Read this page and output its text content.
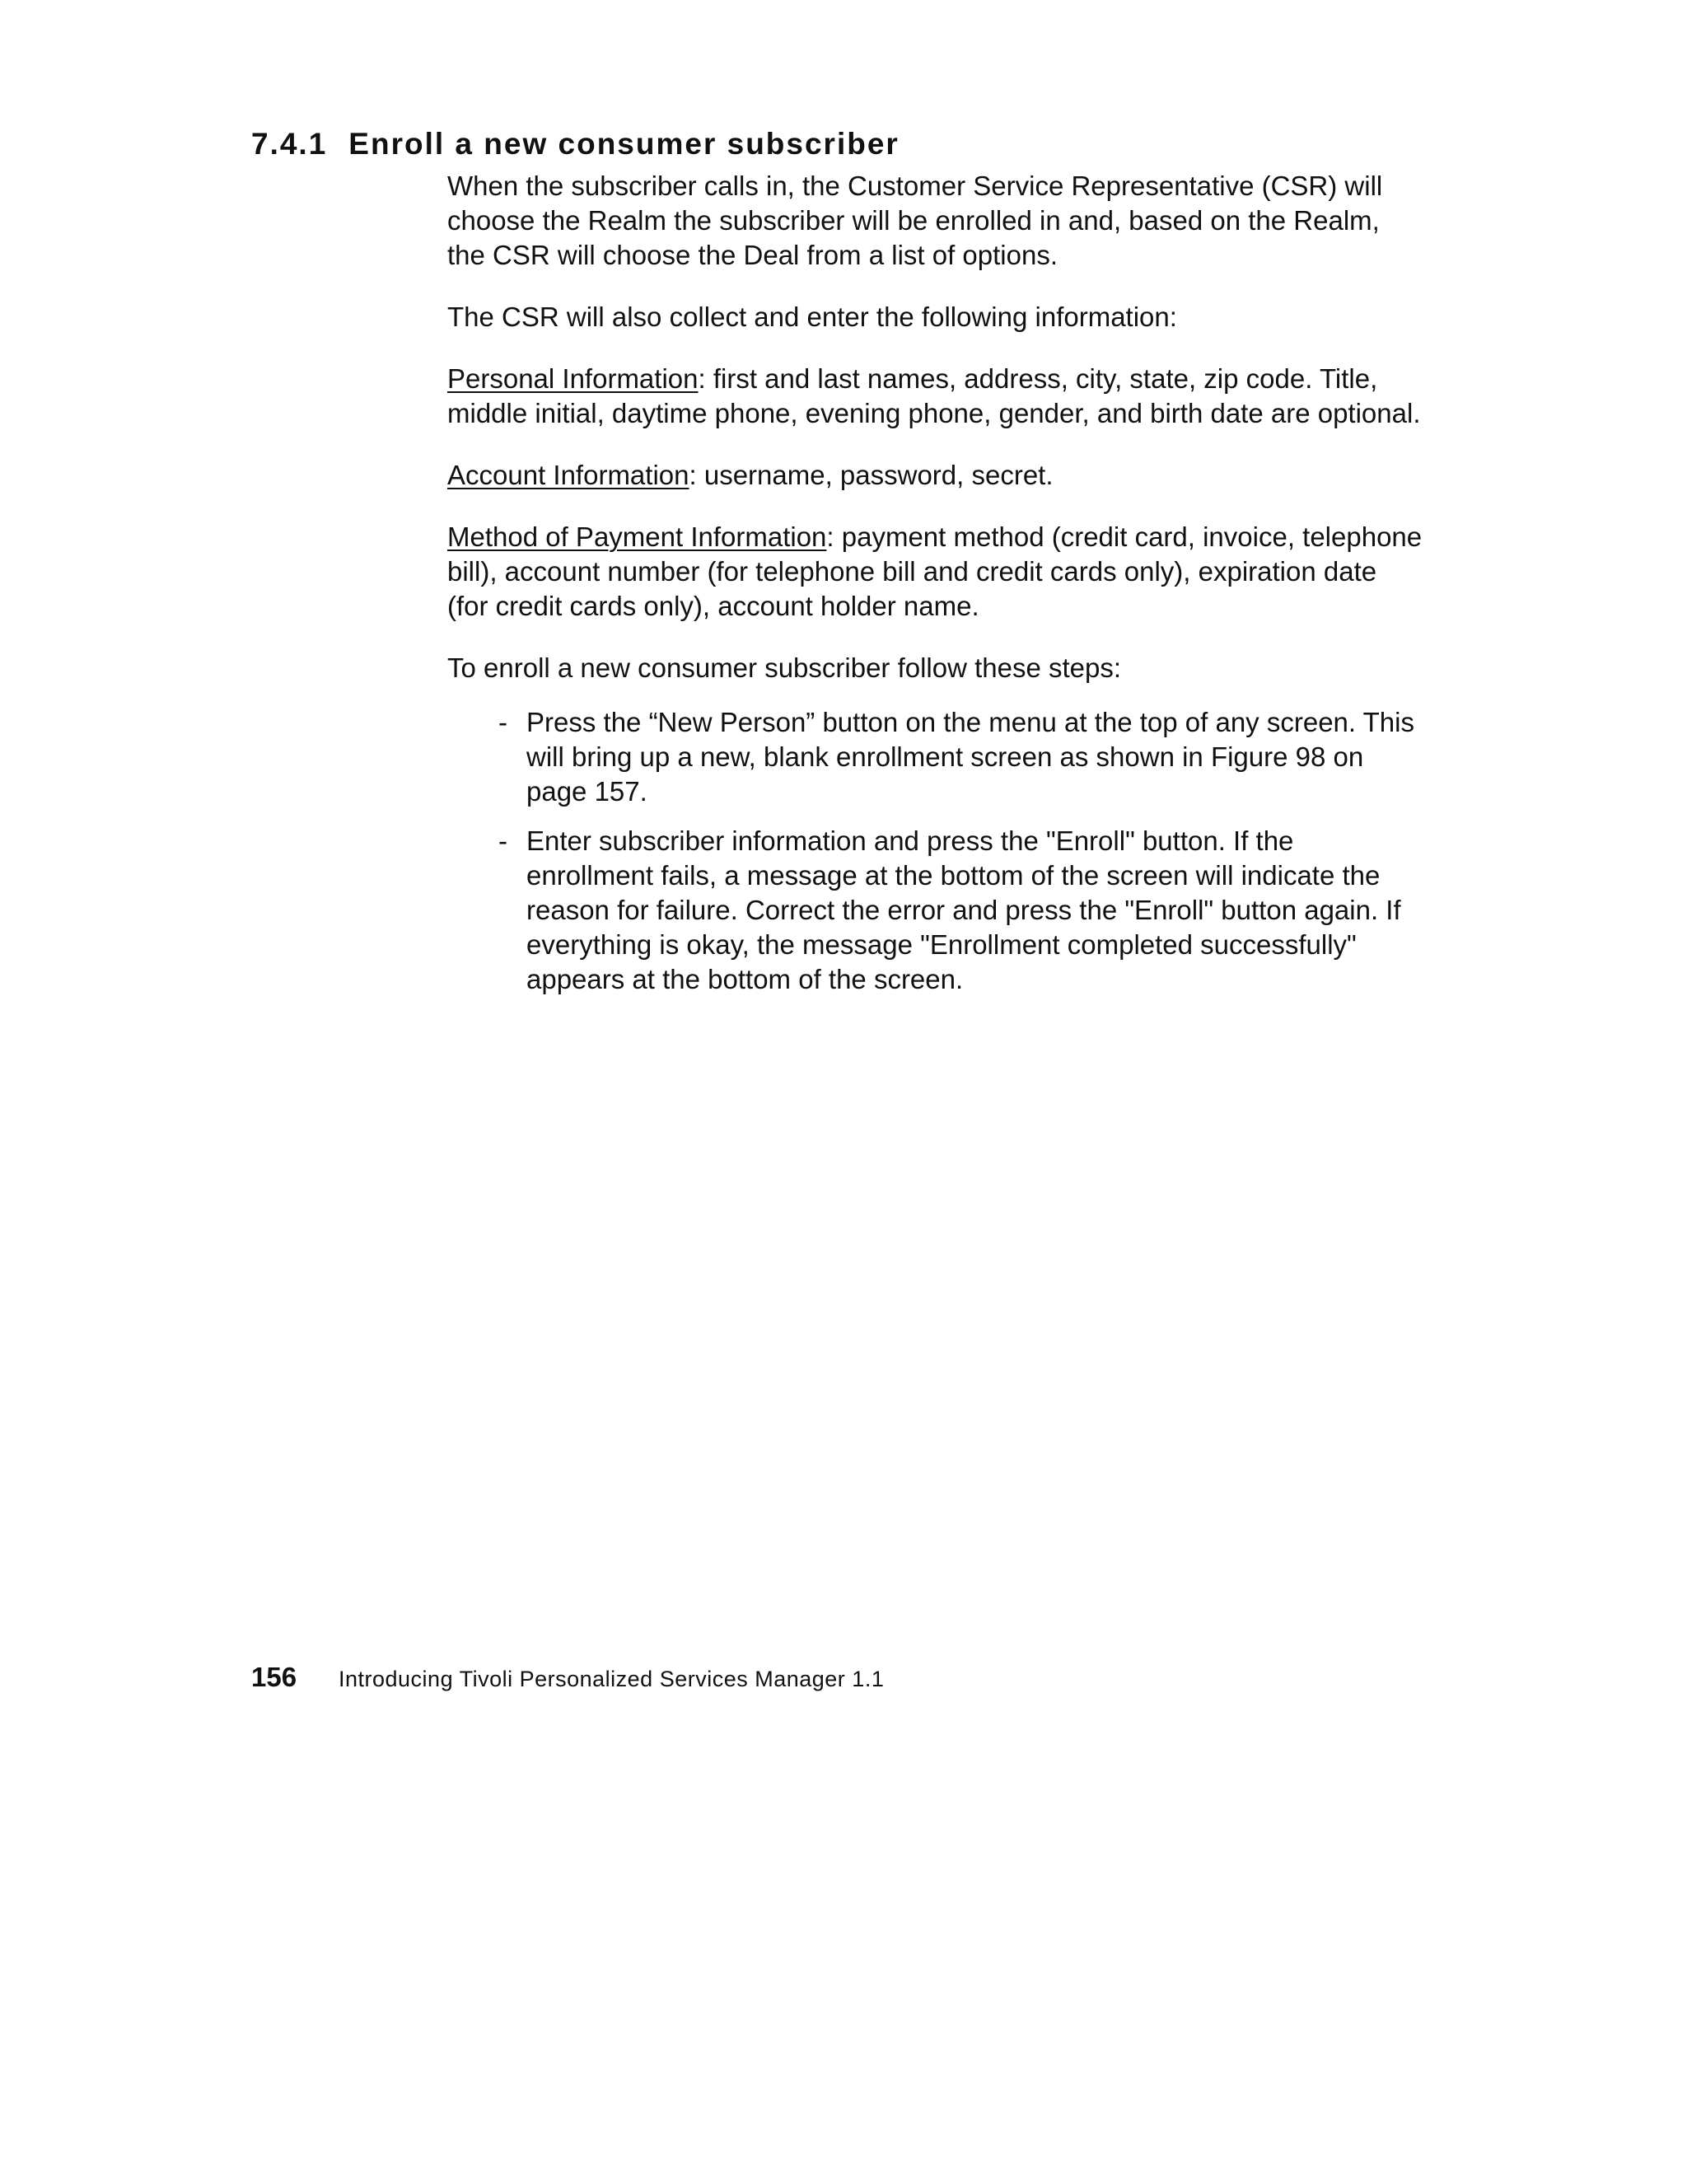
7.4.1 Enroll a new consumer subscriber

When the subscriber calls in, the Customer Service Representative (CSR) will choose the Realm the subscriber will be enrolled in and, based on the Realm, the CSR will choose the Deal from a list of options.

The CSR will also collect and enter the following information:

Personal Information: first and last names, address, city, state, zip code. Title, middle initial, daytime phone, evening phone, gender, and birth date are optional.

Account Information: username, password, secret.

Method of Payment Information: payment method (credit card, invoice, telephone bill), account number (for telephone bill and credit cards only), expiration date (for credit cards only), account holder name.

To enroll a new consumer subscriber follow these steps:

- Press the “New Person” button on the menu at the top of any screen. This will bring up a new, blank enrollment screen as shown in Figure 98 on page 157.
- Enter subscriber information and press the "Enroll" button. If the enrollment fails, a message at the bottom of the screen will indicate the reason for failure. Correct the error and press the "Enroll" button again. If everything is okay, the message "Enrollment completed successfully" appears at the bottom of the screen.
156 Introducing Tivoli Personalized Services Manager 1.1
